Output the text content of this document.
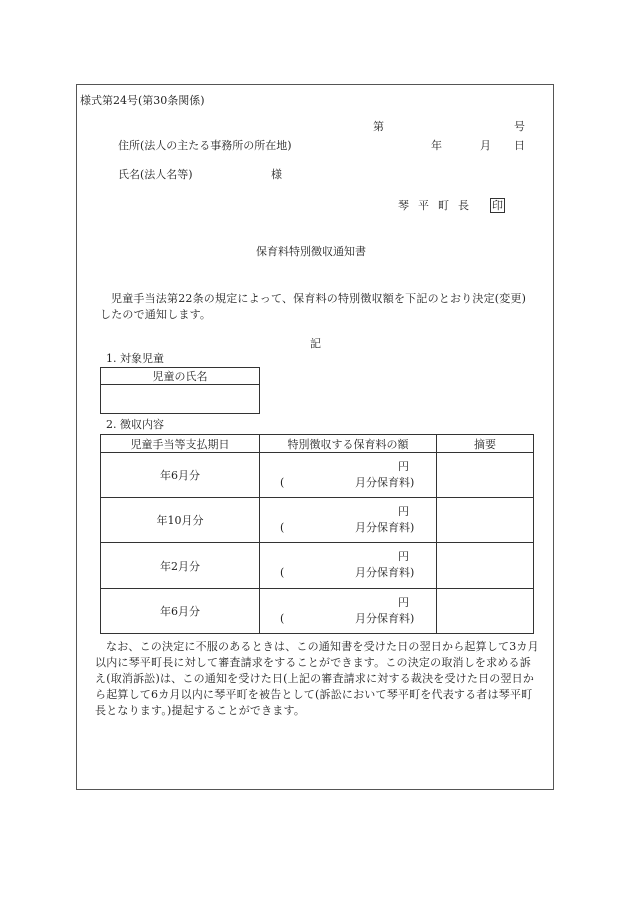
様式第24号(第30条関係)
第	号
住所(法人の主たる事務所の所在地)	年	月 日
氏名(法人名等)	様
琴平町長 印
保育料特別徴収通知書
児童手当法第22条の規定によって、保育料の特別徴収額を下記のとおり決定(変更)したので通知します。
記
1. 対象児童
児童の氏名

2. 徴収内容
児童手当等支払期日	特別徴収する保育料の額	摘要
年6月分	円
( 月分保育料)	

年10月分	円
( 月分保育料)	

年2月分	円
( 月分保育料)	

年6月分	円
( 月分保育料)	

なお、この決定に不服のあるときは、この通知書を受けた日の翌日から起算して3カ月以内に琴平町長に対して審査請求をすることができます。この決定の取消しを求める訴え(取消訴訟)は、この通知を受けた日(上記の審査請求に対する裁決を受けた日の翌日から起算して6カ月以内に琴平町を被告として(訴訟において琴平町を代表する者は琴平町長となります。)提起することができます。
